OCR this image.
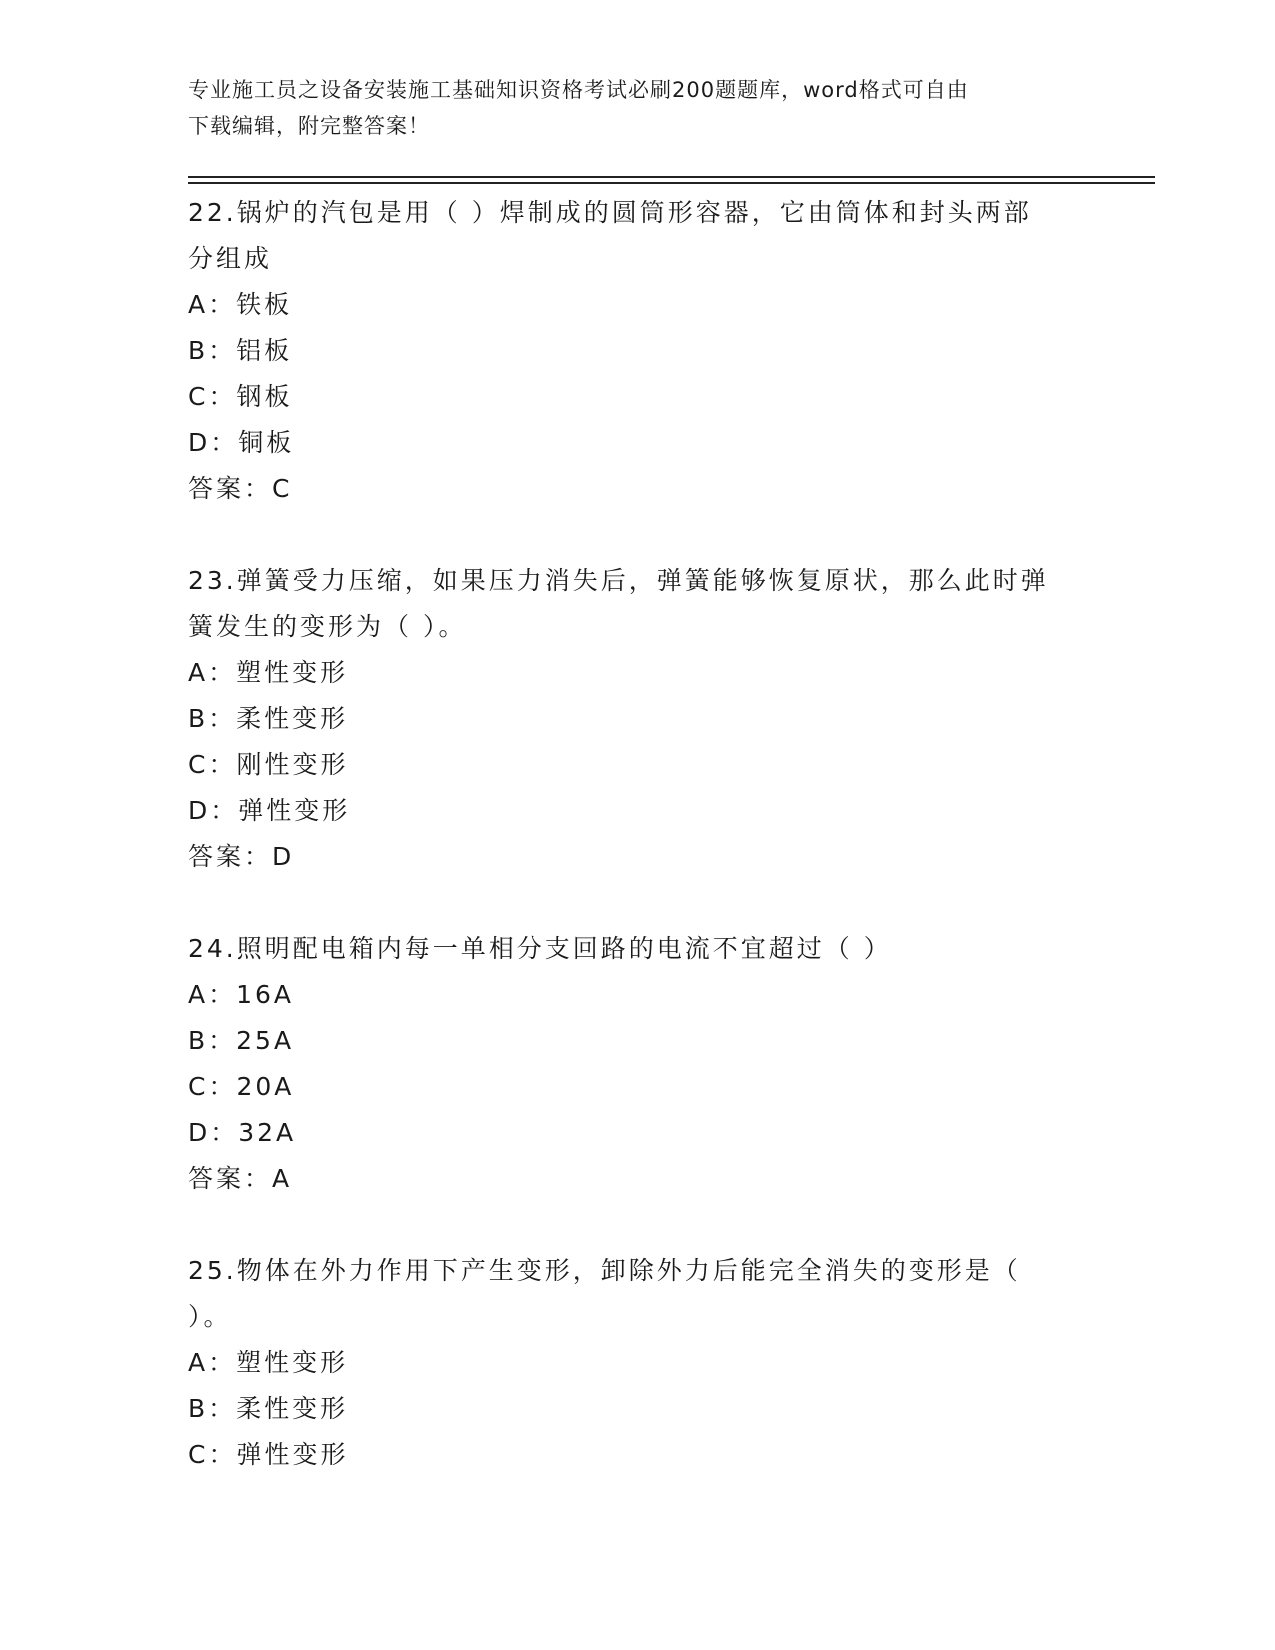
专业施工员之设备安装施工基础知识资格考试必刷200题题库，word格式可自由
下载编辑，附完整答案！
22.锅炉的汽包是用（ ）焊制成的圆筒形容器，它由筒体和封头两部
分组成
A：铁板
B：铝板
C：钢板
D：铜板
答案：C
23.弹簧受力压缩，如果压力消失后，弹簧能够恢复原状，那么此时弹
簧发生的变形为（ ）。
A：塑性变形
B：柔性变形
C：刚性变形
D：弹性变形
答案：D
24.照明配电箱内每一单相分支回路的电流不宜超过（ ）
A：16A
B：25A
C：20A
D：32A
答案：A
25.物体在外力作用下产生变形，卸除外力后能完全消失的变形是（
）。
A：塑性变形
B：柔性变形
C：弹性变形
